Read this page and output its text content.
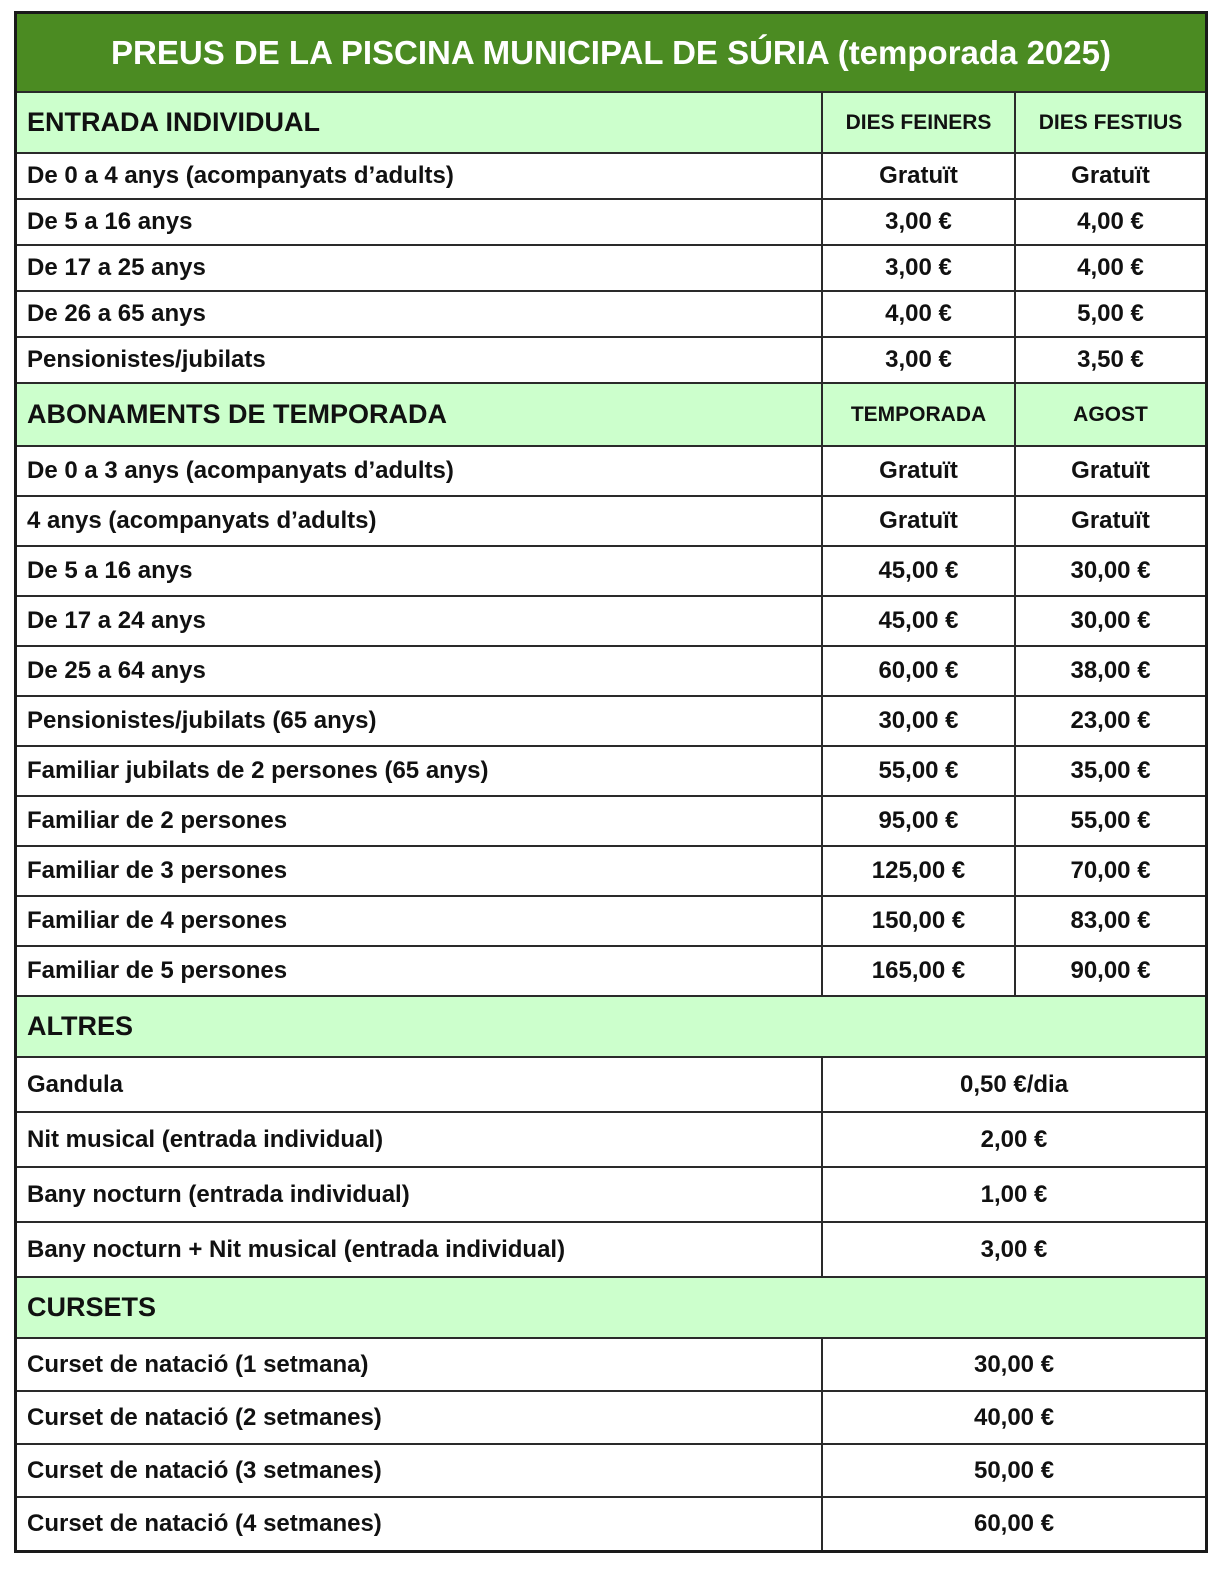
PREUS DE LA PISCINA MUNICIPAL DE SÚRIA (temporada 2025)		
ENTRADA INDIVIDUAL	DIES FEINERS	DIES FESTIUS
De 0 a 4 anys (acompanyats d’adults)	Gratuït	Gratuït
De 5 a 16 anys	3,00 €	4,00 €
De 17 a 25 anys	3,00 €	4,00 €
De 26 a 65 anys	4,00 €	5,00 €
Pensionistes/jubilats	3,00 €	3,50 €
ABONAMENTS DE TEMPORADA	TEMPORADA	AGOST
De 0 a 3 anys (acompanyats d’adults)	Gratuït	Gratuït
4 anys (acompanyats d’adults)	Gratuït	Gratuït
De 5 a 16 anys	45,00 €	30,00 €
De 17 a 24 anys	45,00 €	30,00 €
De 25 a 64 anys	60,00 €	38,00 €
Pensionistes/jubilats (65 anys)	30,00 €	23,00 €
Familiar jubilats de 2 persones (65 anys)	55,00 €	35,00 €
Familiar de 2 persones	95,00 €	55,00 €
Familiar de 3 persones	125,00 €	70,00 €
Familiar de 4 persones	150,00 €	83,00 €
Familiar de 5 persones	165,00 €	90,00 €
ALTRES		
Gandula	0,50 €/dia	
Nit musical (entrada individual)	2,00 €	
Bany nocturn (entrada individual)	1,00 €	
Bany nocturn + Nit musical (entrada individual)	3,00 €	
CURSETS		
Curset de natació (1 setmana)	30,00 €	
Curset de natació (2 setmanes)	40,00 €	
Curset de natació (3 setmanes)	50,00 €	
Curset de natació (4 setmanes)	60,00 €	
